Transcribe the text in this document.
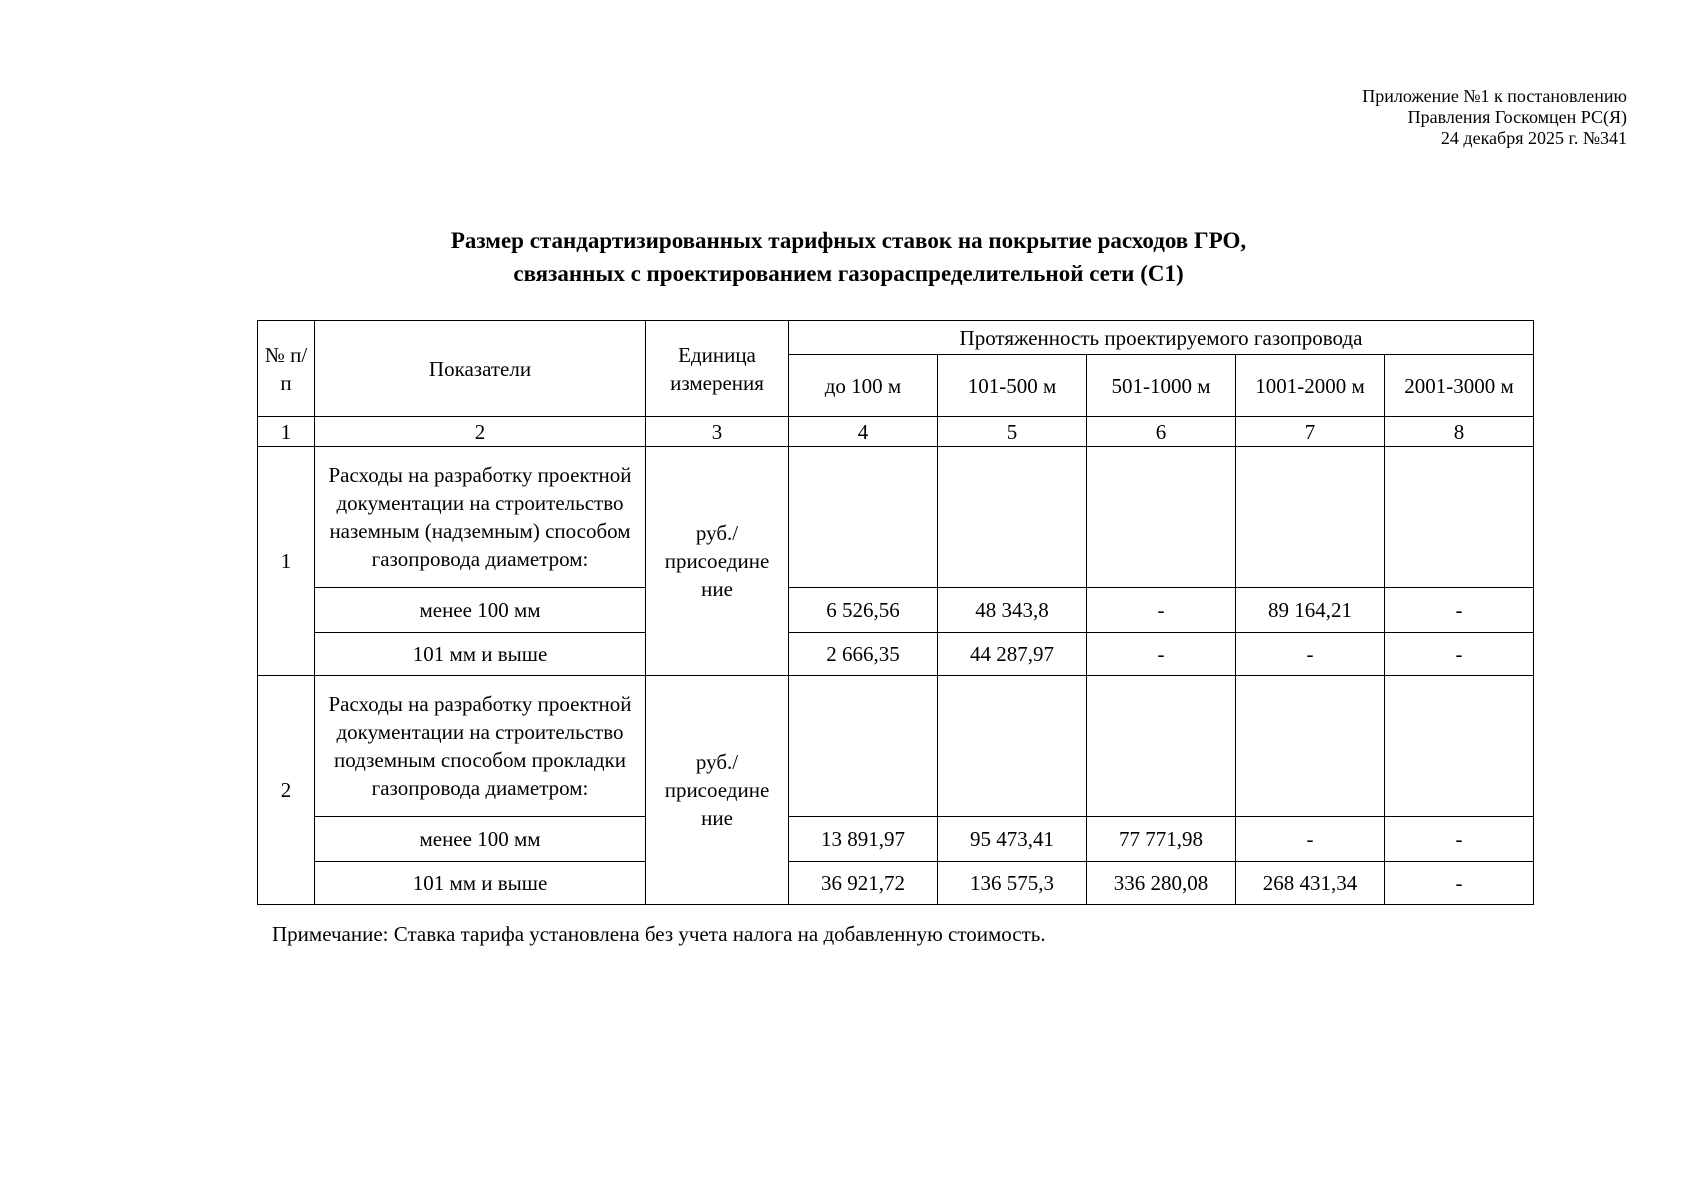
Приложение №1 к постановлению
Правления Госкомцен РС(Я)
24 декабря 2025 г. №341
Размер стандартизированных тарифных ставок на покрытие расходов ГРО,
связанных с проектированием газораспределительной сети (С1)
№ п/п	Показатели	Единица измерения	Протяженность проектируемого газопровода				
			до 100 м	101-500 м	501-1000 м	1001-2000 м	2001-3000 м
1	2	3	4	5	6	7	8
1	Расходы на разработку проектной документации на строительство наземным (надземным) способом газопровода диаметром:	руб./ присоедине ние					
	менее 100 мм		6 526,56	48 343,8	-	89 164,21	-
	101 мм и выше		2 666,35	44 287,97	-	-	-
2	Расходы на разработку проектной документации на строительство подземным способом прокладки газопровода диаметром:	руб./ присоедине ние					
	менее 100 мм		13 891,97	95 473,41	77 771,98	-	-
	101 мм и выше		36 921,72	136 575,3	336 280,08	268 431,34	-
Примечание: Ставка тарифа установлена без учета налога на добавленную стоимость.
